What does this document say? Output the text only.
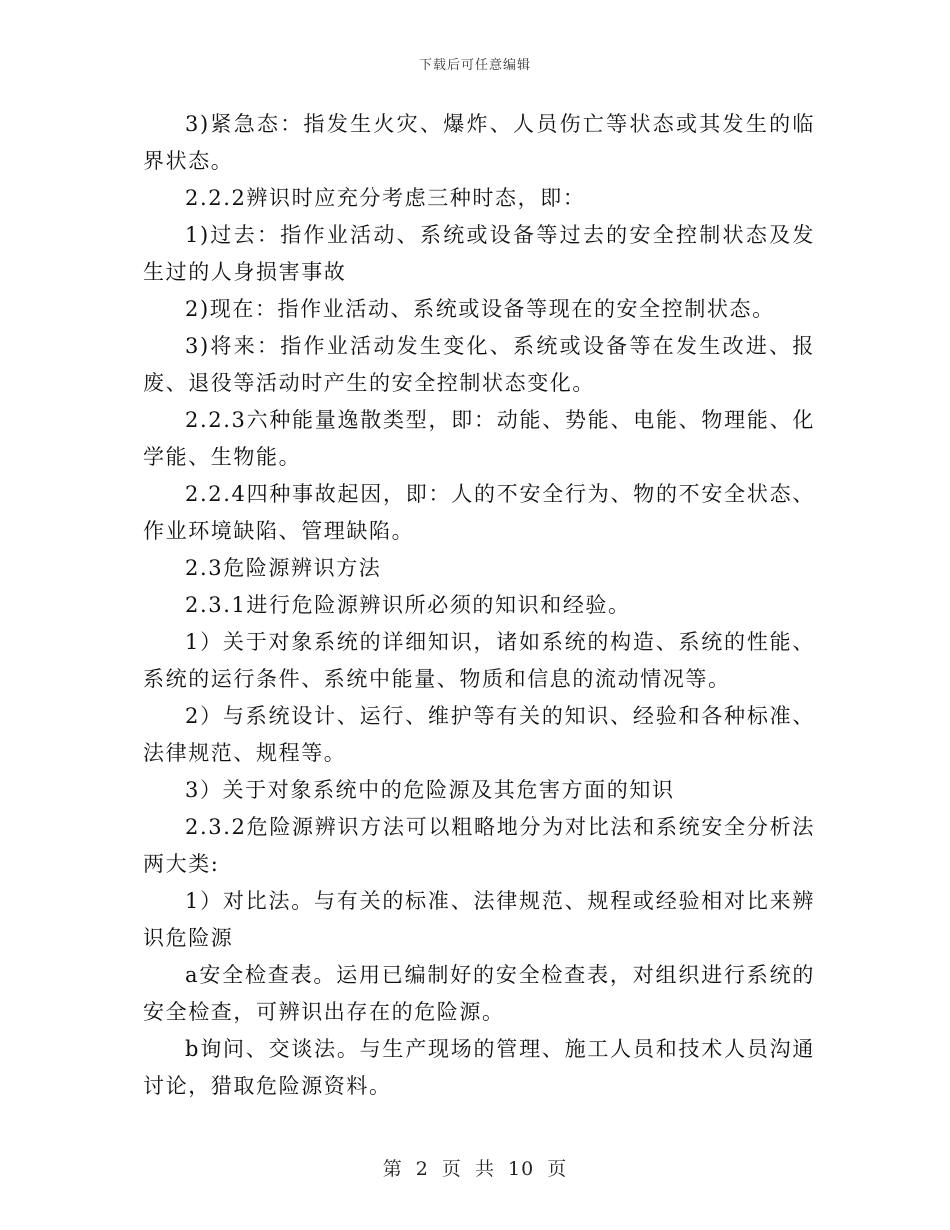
下载后可任意编辑

3)紧急态：指发生火灾、爆炸、人员伤亡等状态或其发生的临界状态。

2.2.2辨识时应充分考虑三种时态，即：

1)过去：指作业活动、系统或设备等过去的安全控制状态及发生过的人身损害事故

2)现在：指作业活动、系统或设备等现在的安全控制状态。

3)将来：指作业活动发生变化、系统或设备等在发生改进、报废、退役等活动时产生的安全控制状态变化。

2.2.3六种能量逸散类型，即：动能、势能、电能、物理能、化学能、生物能。

2.2.4四种事故起因，即：人的不安全行为、物的不安全状态、作业环境缺陷、管理缺陷。

2.3危险源辨识方法

2.3.1进行危险源辨识所必须的知识和经验。

1）关于对象系统的详细知识，诸如系统的构造、系统的性能、系统的运行条件、系统中能量、物质和信息的流动情况等。

2）与系统设计、运行、维护等有关的知识、经验和各种标准、法律规范、规程等。

3）关于对象系统中的危险源及其危害方面的知识

2.3.2危险源辨识方法可以粗略地分为对比法和系统安全分析法两大类:

1）对比法。与有关的标准、法律规范、规程或经验相对比来辨识危险源

a安全检查表。运用已编制好的安全检查表，对组织进行系统的安全检查，可辨识出存在的危险源。

b询问、交谈法。与生产现场的管理、施工人员和技术人员沟通讨论，猎取危险源资料。

第 2 页 共 10 页
